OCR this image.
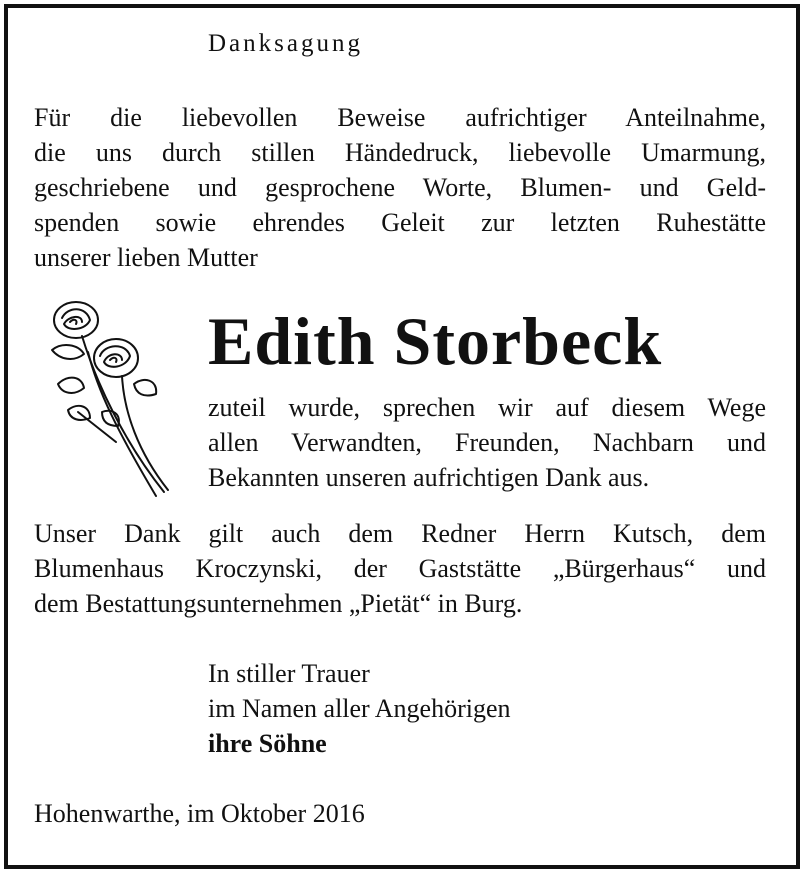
Danksagung
Für die liebevollen Beweise aufrichtiger Anteilnahme,
die uns durch stillen Händedruck, liebevolle Umarmung,
geschriebene und gesprochene Worte, Blumen- und Geld-
spenden sowie ehrendes Geleit zur letzten Ruhestätte
unserer lieben Mutter
Edith Storbeck
zuteil wurde, sprechen wir auf diesem Wege
allen Verwandten, Freunden, Nachbarn und
Bekannten unseren aufrichtigen Dank aus.
Unser Dank gilt auch dem Redner Herrn Kutsch, dem
Blumenhaus Kroczynski, der Gaststätte „Bürgerhaus“ und
dem Bestattungsunternehmen „Pietät“ in Burg.
In stiller Trauer
im Namen aller Angehörigen
ihre Söhne
Hohenwarthe, im Oktober 2016
